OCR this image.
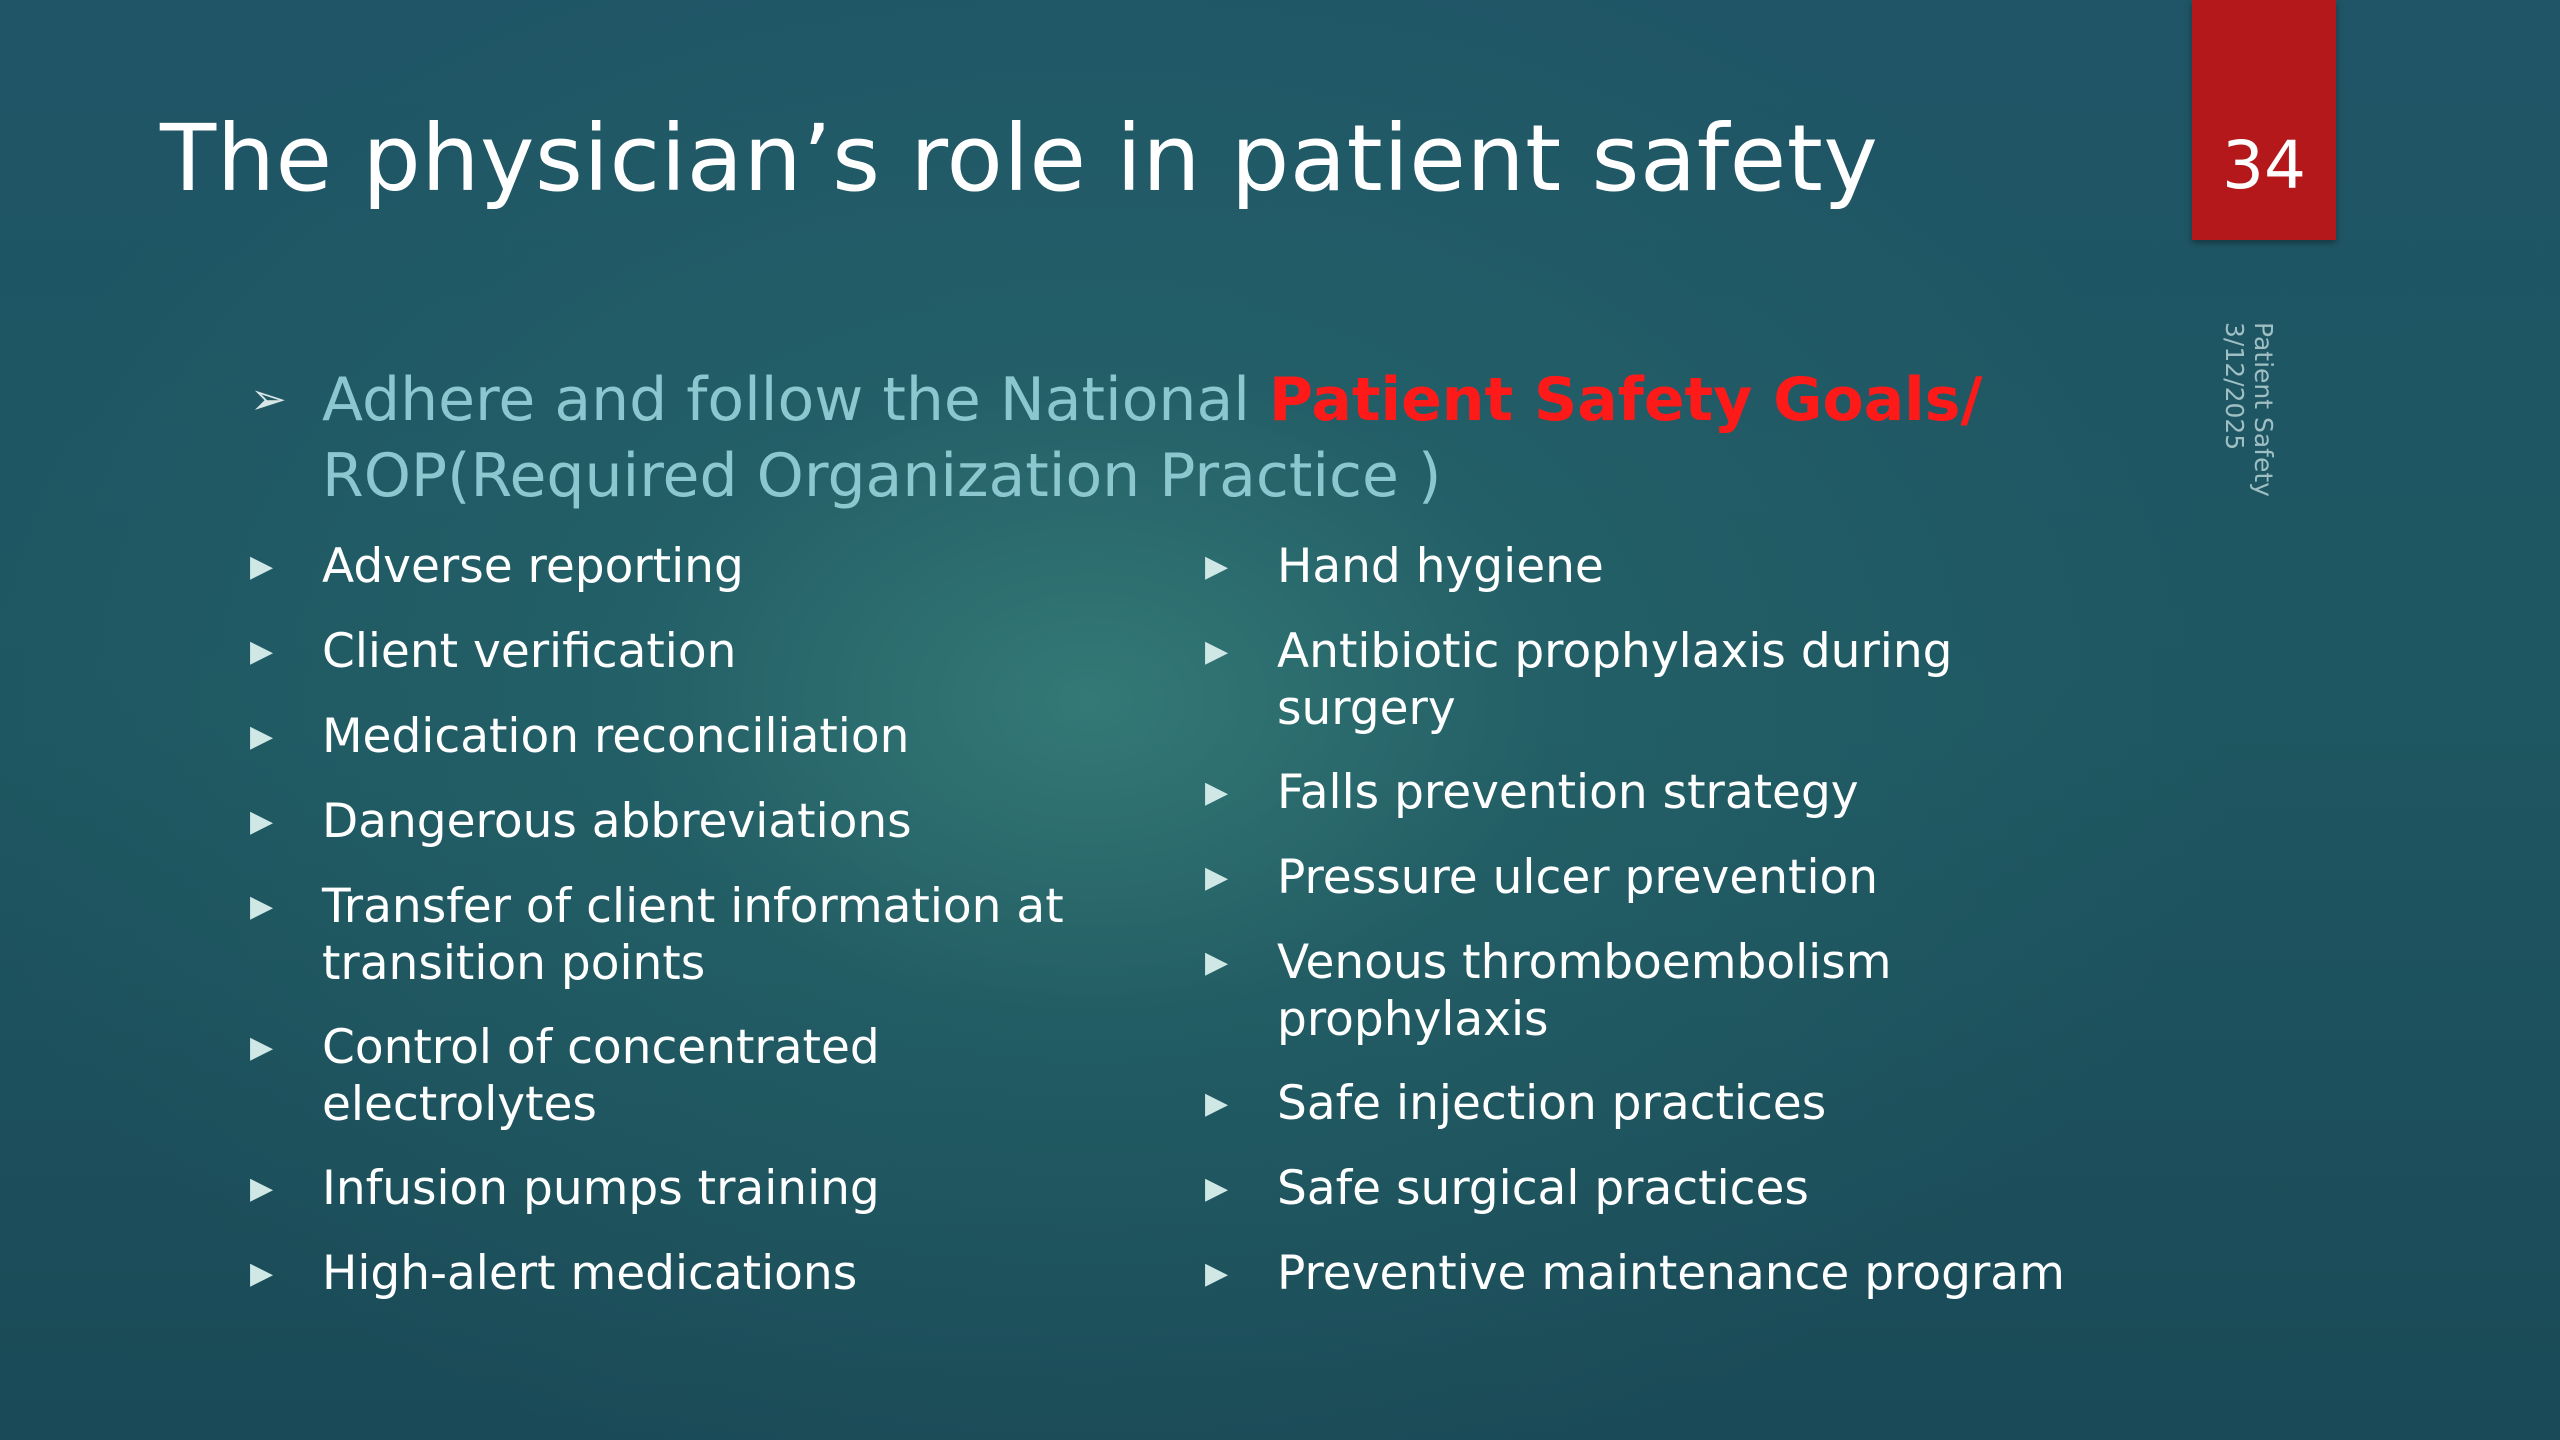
The physician’s role in patient safety	34
Patient Safety
3/12/2025
➢ Adhere and follow the National Patient Safety Goals/
ROP(Required Organization Practice )
▶	Adverse reporting
▶	Client verification
▶	Medication reconciliation
▶	Dangerous abbreviations
▶	Transfer of client information at transition points
▶	Control of concentrated electrolytes
▶	Infusion pumps training
▶	High-alert medications
▶	Hand hygiene
▶	Antibiotic prophylaxis during surgery
▶	Falls prevention strategy
▶	Pressure ulcer prevention
▶	Venous thromboembolism prophylaxis
▶	Safe injection practices
▶	Safe surgical practices
▶	Preventive maintenance program
